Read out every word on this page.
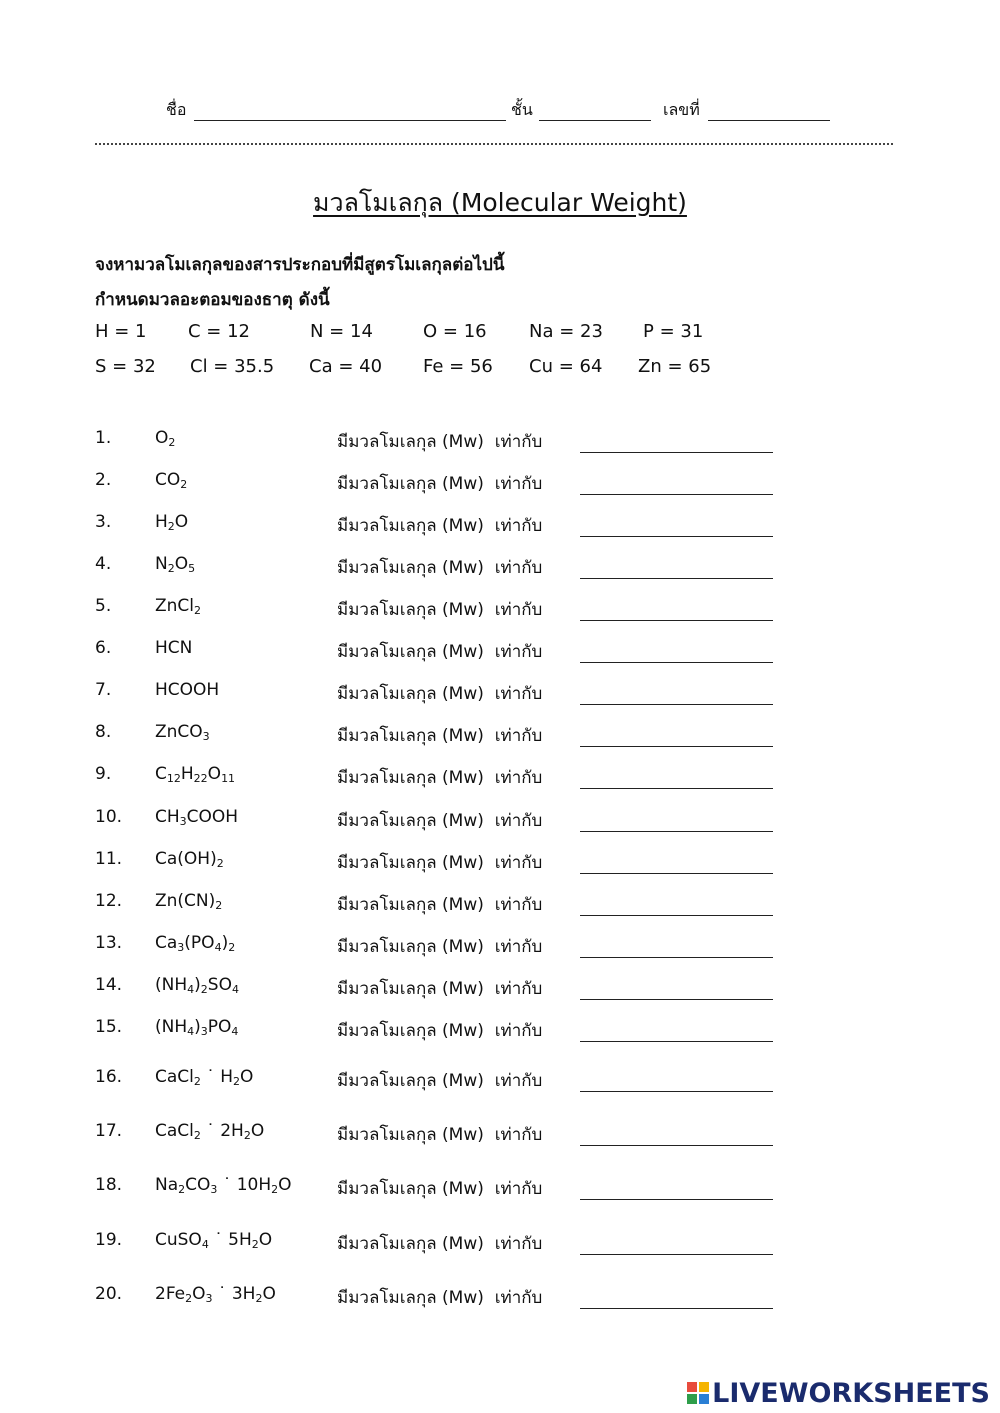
ชื่อ	ชั้น	เลขที่
มวลโมเลกุล (Molecular Weight)
จงหามวลโมเลกุลของสารประกอบที่มีสูตรโมเลกุลต่อไปนี้
กำหนดมวลอะตอมของธาตุ ดังนี้
H = 1 C = 12	N = 14	O = 16 Na = 23 P = 31
S = 32 Cl = 35.5 Ca = 40 Fe = 56 Cu = 64 Zn = 65
1.	$O_2$	มีมวลโมเลกุล (Mw)  เท่ากับ
2.	$CO_2$	มีมวลโมเลกุล (Mw)  เท่ากับ
3.	$H_2O$	มีมวลโมเลกุล (Mw)  เท่ากับ
4.	$N_2O_5$	มีมวลโมเลกุล (Mw)  เท่ากับ
5.	ZnCl$_2$	มีมวลโมเลกุล (Mw)  เท่ากับ
6.	HCN	มีมวลโมเลกุล (Mw)  เท่ากับ
7.	HCOOH	มีมวลโมเลกุล (Mw)  เท่ากับ
8.	ZnCO$_3$	มีมวลโมเลกุล (Mw)  เท่ากับ
9.	$C_{12}H_{22}O_{11}$	มีมวลโมเลกุล (Mw)  เท่ากับ
10. $CH_3COOH$	มีมวลโมเลกุล (Mw)  เท่ากับ
11. $Ca(OH)_2$	มีมวลโมเลกุล (Mw)  เท่ากับ
12. $Zn(CN)_2$	มีมวลโมเลกุล (Mw)  เท่ากับ
13. $Ca_3(PO_4)_2$	มีมวลโมเลกุล (Mw)  เท่ากับ
14. $(NH_4)_2SO_4$	มีมวลโมเลกุล (Mw)  เท่ากับ
15. $(NH_4)_3PO_4$	มีมวลโมเลกุล (Mw)  เท่ากับ
16. CaCl$_2$ ˙ $H_2O$	มีมวลโมเลกุล (Mw)  เท่ากับ
17. CaCl$_2$ ˙ $2H_2O$	มีมวลโมเลกุล (Mw)  เท่ากับ
18. $Na_2CO_3$ ˙ $10H_2O$	มีมวลโมเลกุล (Mw)  เท่ากับ
19. CuSO$_4$ ˙ $5H_2O$	มีมวลโมเลกุล (Mw)  เท่ากับ
20. $2Fe_2O_3$ ˙ $3H_2O$	มีมวลโมเลกุล (Mw)  เท่ากับ
LIVEWORKSHEETS
